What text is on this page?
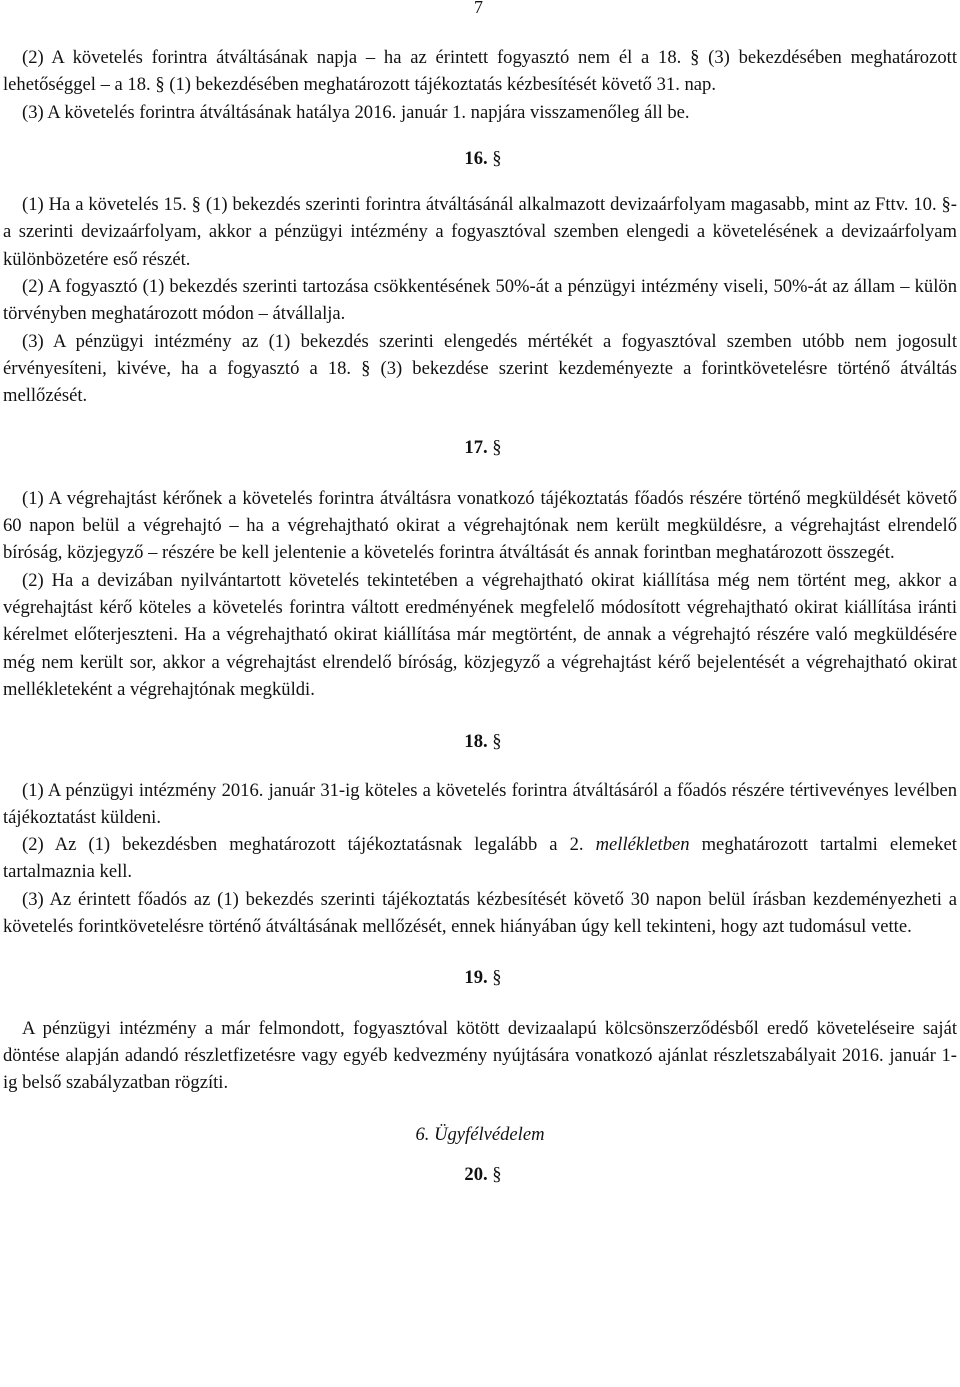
7

(2) A követelés forintra átváltásának napja – ha az érintett fogyasztó nem él a 18. § (3) bekezdésében meghatározott lehetőséggel – a 18. § (1) bekezdésében meghatározott tájékoztatás kézbesítését követő 31. nap.

(3) A követelés forintra átváltásának hatálya 2016. január 1. napjára visszamenőleg áll be.

16. §

(1) Ha a követelés 15. § (1) bekezdés szerinti forintra átváltásánál alkalmazott devizaárfolyam magasabb, mint az Fttv. 10. §-a szerinti devizaárfolyam, akkor a pénzügyi intézmény a fogyasztóval szemben elengedi a követelésének a devizaárfolyam különbözetére eső részét.

(2) A fogyasztó (1) bekezdés szerinti tartozása csökkentésének 50%-át a pénzügyi intézmény viseli, 50%-át az állam – külön törvényben meghatározott módon – átvállalja.

(3) A pénzügyi intézmény az (1) bekezdés szerinti elengedés mértékét a fogyasztóval szemben utóbb nem jogosult érvényesíteni, kivéve, ha a fogyasztó a 18. § (3) bekezdése szerint kezdeményezte a forintkövetelésre történő átváltás mellőzését.

17. §

(1) A végrehajtást kérőnek a követelés forintra átváltásra vonatkozó tájékoztatás főadós részére történő megküldését követő 60 napon belül a végrehajtó – ha a végrehajtható okirat a végrehajtónak nem került megküldésre, a végrehajtást elrendelő bíróság, közjegyző – részére be kell jelentenie a követelés forintra átváltását és annak forintban meghatározott összegét.

(2) Ha a devizában nyilvántartott követelés tekintetében a végrehajtható okirat kiállítása még nem történt meg, akkor a végrehajtást kérő köteles a követelés forintra váltott eredményének megfelelő módosított végrehajtható okirat kiállítása iránti kérelmet előterjeszteni. Ha a végrehajtható okirat kiállítása már megtörtént, de annak a végrehajtó részére való megküldésére még nem került sor, akkor a végrehajtást elrendelő bíróság, közjegyző a végrehajtást kérő bejelentését a végrehajtható okirat mellékleteként a végrehajtónak megküldi.

18. §

(1) A pénzügyi intézmény 2016. január 31-ig köteles a követelés forintra átváltásáról a főadós részére tértivevényes levélben tájékoztatást küldeni.

(2) Az (1) bekezdésben meghatározott tájékoztatásnak legalább a 2. mellékletben meghatározott tartalmi elemeket tartalmaznia kell.

(3) Az érintett főadós az (1) bekezdés szerinti tájékoztatás kézbesítését követő 30 napon belül írásban kezdeményezheti a követelés forintkövetelésre történő átváltásának mellőzését, ennek hiányában úgy kell tekinteni, hogy azt tudomásul vette.

19. §

A pénzügyi intézmény a már felmondott, fogyasztóval kötött devizaalapú kölcsönszerződésből eredő követeléseire saját döntése alapján adandó részletfizetésre vagy egyéb kedvezmény nyújtására vonatkozó ajánlat részletszabályait 2016. január 1-ig belső szabályzatban rögzíti.

6. Ügyfélvédelem
20. §
